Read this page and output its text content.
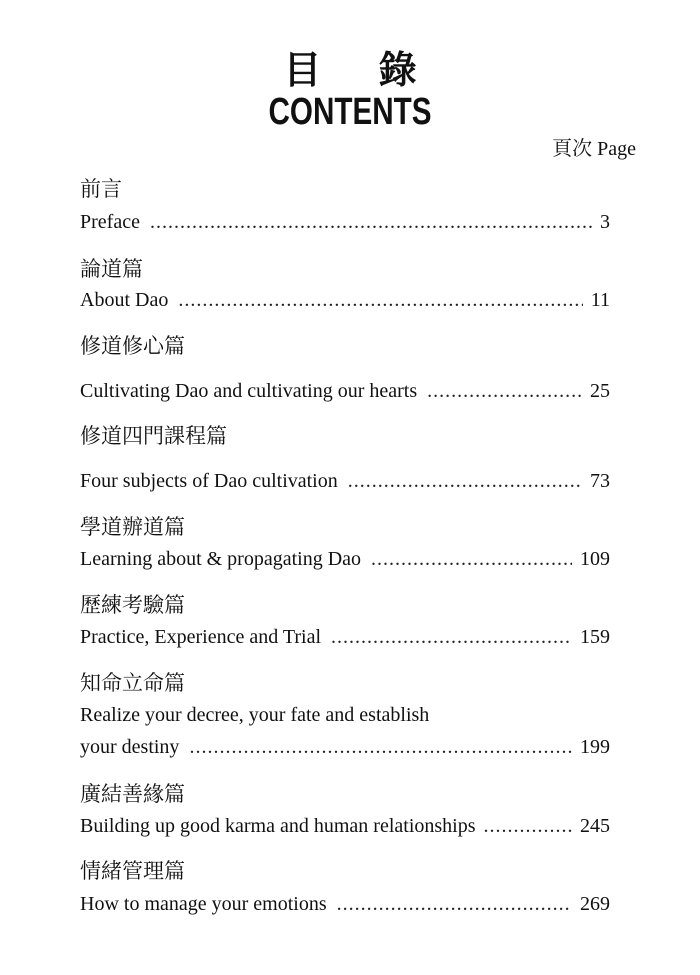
目 錄
CONTENTS
頁次 Page
前言
Preface .....	3
論道篇
About Dao .....	11
修道修心篇
Cultivating Dao and cultivating our hearts .....	25
修道四門課程篇
Four subjects of Dao cultivation .....	73
學道辦道篇
Learning about & propagating Dao .....	109
歷練考驗篇
Practice, Experience and Trial .....	159
知命立命篇
Realize your decree, your fate and establish
your destiny .....	199
廣結善緣篇
Building up good karma and human relationships .....	245
情緒管理篇
How to manage your emotions .....	269
